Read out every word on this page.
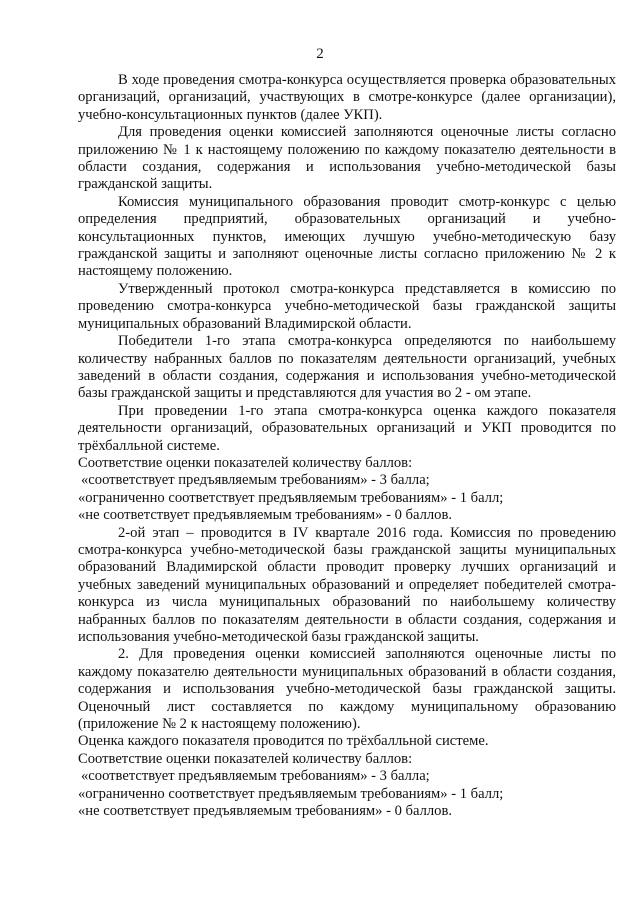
2

В ходе проведения смотра-конкурса осуществляется проверка образовательных организаций, организаций, участвующих в смотре-конкурсе (далее организации), учебно-консультационных пунктов (далее УКП).

Для проведения оценки комиссией заполняются оценочные листы согласно приложению № 1 к настоящему положению по каждому показателю деятельности в области создания, содержания и использования учебно-методической базы гражданской защиты.

Комиссия муниципального образования проводит смотр-конкурс с целью определения предприятий, образовательных организаций и учебно-консультационных пунктов, имеющих лучшую учебно-методическую базу гражданской защиты и заполняют оценочные листы согласно приложению № 2 к настоящему положению.

Утвержденный протокол смотра-конкурса представляется в комиссию по проведению смотра-конкурса учебно-методической базы гражданской защиты муниципальных образований Владимирской области.

Победители 1-го этапа смотра-конкурса определяются по наибольшему количеству набранных баллов по показателям деятельности организаций, учебных заведений в области создания, содержания и использования учебно-методической базы гражданской защиты и представляются для участия во 2 - ом этапе.

При проведении 1-го этапа смотра-конкурса оценка каждого показателя деятельности организаций, образовательных организаций и УКП проводится по трёхбалльной системе.

Соответствие оценки показателей количеству баллов:

«соответствует предъявляемым требованиям» - 3 балла;

«ограниченно соответствует предъявляемым требованиям» - 1 балл;

«не соответствует предъявляемым требованиям» - 0 баллов.

2-ой этап – проводится в IV квартале 2016 года. Комиссия по проведению смотра-конкурса учебно-методической базы гражданской защиты муниципальных образований Владимирской области проводит проверку лучших организаций и учебных заведений муниципальных образований и определяет победителей смотра-конкурса из числа муниципальных образований по наибольшему количеству набранных баллов по показателям деятельности в области создания, содержания и использования учебно-методической базы гражданской защиты.

2. Для проведения оценки комиссией заполняются оценочные листы по каждому показателю деятельности муниципальных образований в области создания, содержания и использования учебно-методической базы гражданской защиты. Оценочный лист составляется по каждому муниципальному образованию (приложение № 2 к настоящему положению).

Оценка каждого показателя проводится по трёхбалльной системе.

Соответствие оценки показателей количеству баллов:

«соответствует предъявляемым требованиям» - 3 балла;

«ограниченно соответствует предъявляемым требованиям» - 1 балл;

«не соответствует предъявляемым требованиям» - 0 баллов.
